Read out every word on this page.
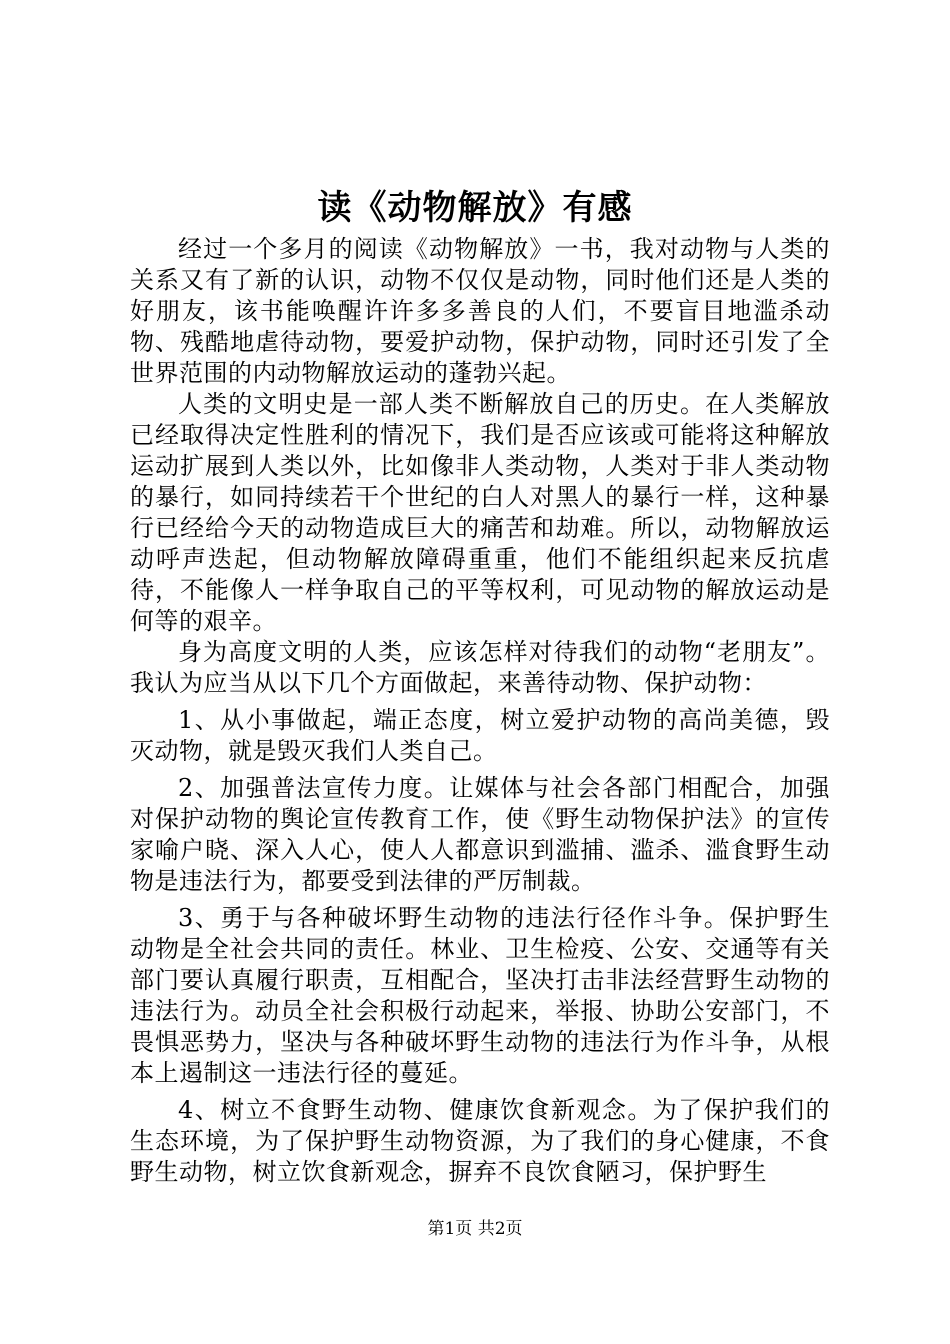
读《动物解放》有感

经过一个多月的阅读《动物解放》一书，我对动物与人类的关系又有了新的认识，动物不仅仅是动物，同时他们还是人类的好朋友，该书能唤醒许许多多善良的人们，不要盲目地滥杀动物、残酷地虐待动物，要爱护动物，保护动物，同时还引发了全世界范围的内动物解放运动的蓬勃兴起。

人类的文明史是一部人类不断解放自己的历史。在人类解放已经取得决定性胜利的情况下，我们是否应该或可能将这种解放运动扩展到人类以外，比如像非人类动物，人类对于非人类动物的暴行，如同持续若干个世纪的白人对黑人的暴行一样，这种暴行已经给今天的动物造成巨大的痛苦和劫难。所以，动物解放运动呼声迭起，但动物解放障碍重重，他们不能组织起来反抗虐待，不能像人一样争取自己的平等权利，可见动物的解放运动是何等的艰辛。

身为高度文明的人类，应该怎样对待我们的动物“老朋友”。我认为应当从以下几个方面做起，来善待动物、保护动物：

1、从小事做起，端正态度，树立爱护动物的高尚美德，毁灭动物，就是毁灭我们人类自己。

2、加强普法宣传力度。让媒体与社会各部门相配合，加强对保护动物的舆论宣传教育工作，使《野生动物保护法》的宣传家喻户晓、深入人心，使人人都意识到滥捕、滥杀、滥食野生动物是违法行为，都要受到法律的严厉制裁。

3、勇于与各种破坏野生动物的违法行径作斗争。保护野生动物是全社会共同的责任。林业、卫生检疫、公安、交通等有关部门要认真履行职责，互相配合，坚决打击非法经营野生动物的违法行为。动员全社会积极行动起来，举报、协助公安部门，不畏惧恶势力，坚决与各种破坏野生动物的违法行为作斗争，从根本上遏制这一违法行径的蔓延。

4、树立不食野生动物、健康饮食新观念。为了保护我们的生态环境，为了保护野生动物资源，为了我们的身心健康，不食野生动物，树立饮食新观念，摒弃不良饮食陋习，保护野生

第1页 共2页
